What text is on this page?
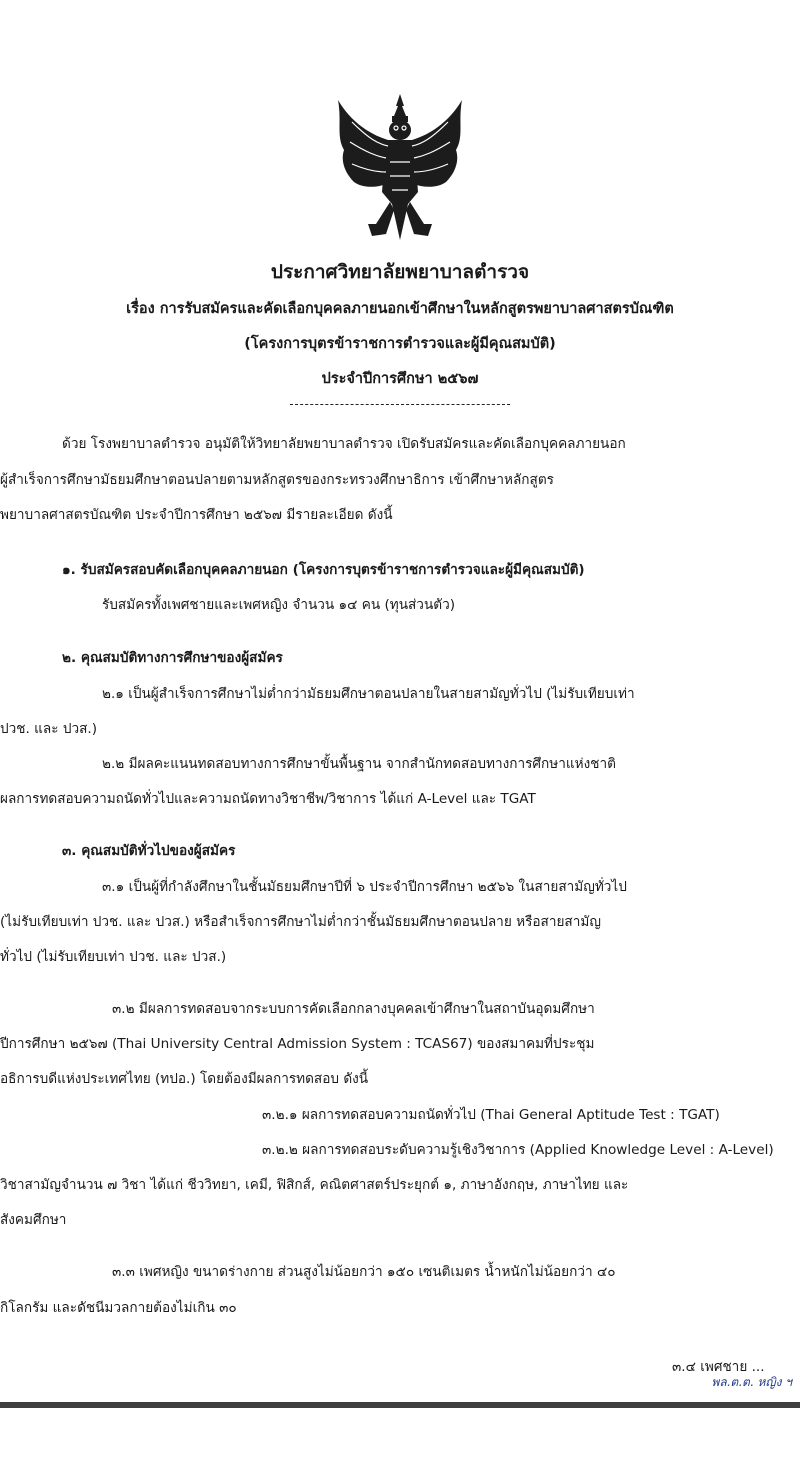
ประกาศวิทยาลัยพยาบาลตำรวจ
เรื่อง การรับสมัครและคัดเลือกบุคคลภายนอกเข้าศึกษาในหลักสูตรพยาบาลศาสตรบัณฑิต
(โครงการบุตรข้าราชการตำรวจและผู้มีคุณสมบัติ)
ประจำปีการศึกษา ๒๕๖๗
ด้วย โรงพยาบาลตำรวจ อนุมัติให้วิทยาลัยพยาบาลตำรวจ เปิดรับสมัครและคัดเลือกบุคคลภายนอก
ผู้สำเร็จการศึกษามัธยมศึกษาตอนปลายตามหลักสูตรของกระทรวงศึกษาธิการ เข้าศึกษาหลักสูตร
พยาบาลศาสตรบัณฑิต ประจำปีการศึกษา ๒๕๖๗ มีรายละเอียด ดังนี้
๑. รับสมัครสอบคัดเลือกบุคคลภายนอก (โครงการบุตรข้าราชการตำรวจและผู้มีคุณสมบัติ)
รับสมัครทั้งเพศชายและเพศหญิง จำนวน ๑๔ คน (ทุนส่วนตัว)
๒. คุณสมบัติทางการศึกษาของผู้สมัคร
๒.๑ เป็นผู้สำเร็จการศึกษาไม่ต่ำกว่ามัธยมศึกษาตอนปลายในสายสามัญทั่วไป (ไม่รับเทียบเท่า
ปวช. และ ปวส.)
๒.๒ มีผลคะแนนทดสอบทางการศึกษาขั้นพื้นฐาน จากสำนักทดสอบทางการศึกษาแห่งชาติ
ผลการทดสอบความถนัดทั่วไปและความถนัดทางวิชาชีพ/วิชาการ ได้แก่ A-Level และ TGAT
๓. คุณสมบัติทั่วไปของผู้สมัคร
๓.๑ เป็นผู้ที่กำลังศึกษาในชั้นมัธยมศึกษาปีที่ ๖ ประจำปีการศึกษา ๒๕๖๖ ในสายสามัญทั่วไป
(ไม่รับเทียบเท่า ปวช. และ ปวส.) หรือสำเร็จการศึกษาไม่ต่ำกว่าชั้นมัธยมศึกษาตอนปลาย หรือสายสามัญ
ทั่วไป (ไม่รับเทียบเท่า ปวช. และ ปวส.)
๓.๒ มีผลการทดสอบจากระบบการคัดเลือกกลางบุคคลเข้าศึกษาในสถาบันอุดมศึกษา
ปีการศึกษา ๒๕๖๗ (Thai University Central Admission System : TCAS67) ของสมาคมที่ประชุม
อธิการบดีแห่งประเทศไทย (ทปอ.) โดยต้องมีผลการทดสอบ ดังนี้
๓.๒.๑ ผลการทดสอบความถนัดทั่วไป (Thai General Aptitude Test : TGAT)
๓.๒.๒ ผลการทดสอบระดับความรู้เชิงวิชาการ (Applied Knowledge Level : A-Level)
วิชาสามัญจำนวน ๗ วิชา ได้แก่ ชีววิทยา, เคมี, ฟิสิกส์, คณิตศาสตร์ประยุกต์ ๑, ภาษาอังกฤษ, ภาษาไทย และ
สังคมศึกษา
๓.๓ เพศหญิง ขนาดร่างกาย ส่วนสูงไม่น้อยกว่า ๑๕๐ เซนติเมตร น้ำหนักไม่น้อยกว่า ๔๐
กิโลกรัม และดัชนีมวลกายต้องไม่เกิน ๓๐
๓.๔ เพศชาย ...
พล.ต.ต. หญิง ฯ
